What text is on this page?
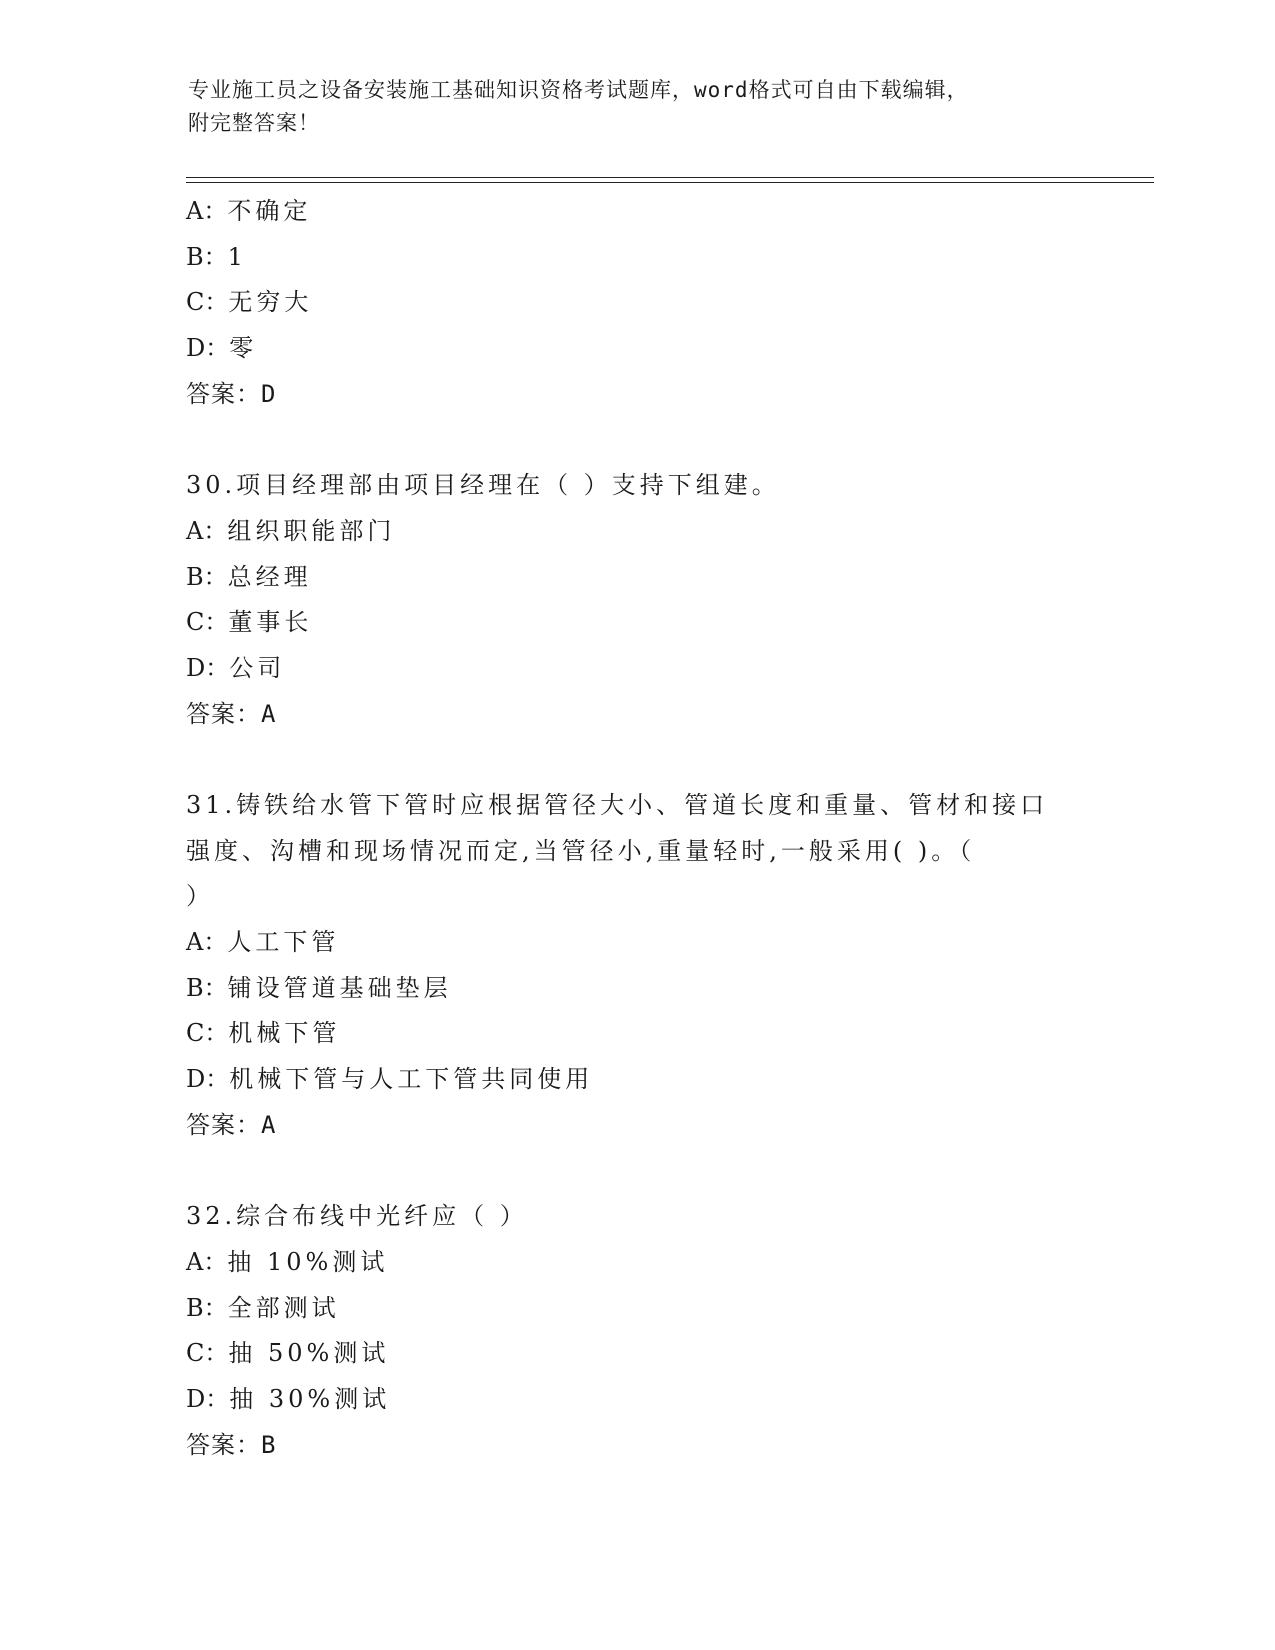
专业施工员之设备安装施工基础知识资格考试题库，word格式可自由下载编辑，
附完整答案！
A：不确定
B：1
C：无穷大
D：零
答案：D
30.项目经理部由项目经理在（ ）支持下组建。
A：组织职能部门
B：总经理
C：董事长
D：公司
答案：A
31.铸铁给水管下管时应根据管径大小、管道长度和重量、管材和接口
强度、沟槽和现场情况而定,当管径小,重量轻时,一般采用( )。（
）
A：人工下管
B：铺设管道基础垫层
C：机械下管
D：机械下管与人工下管共同使用
答案：A
32.综合布线中光纤应（ ）
A：抽 10%测试
B：全部测试
C：抽 50%测试
D：抽 30%测试
答案：B
